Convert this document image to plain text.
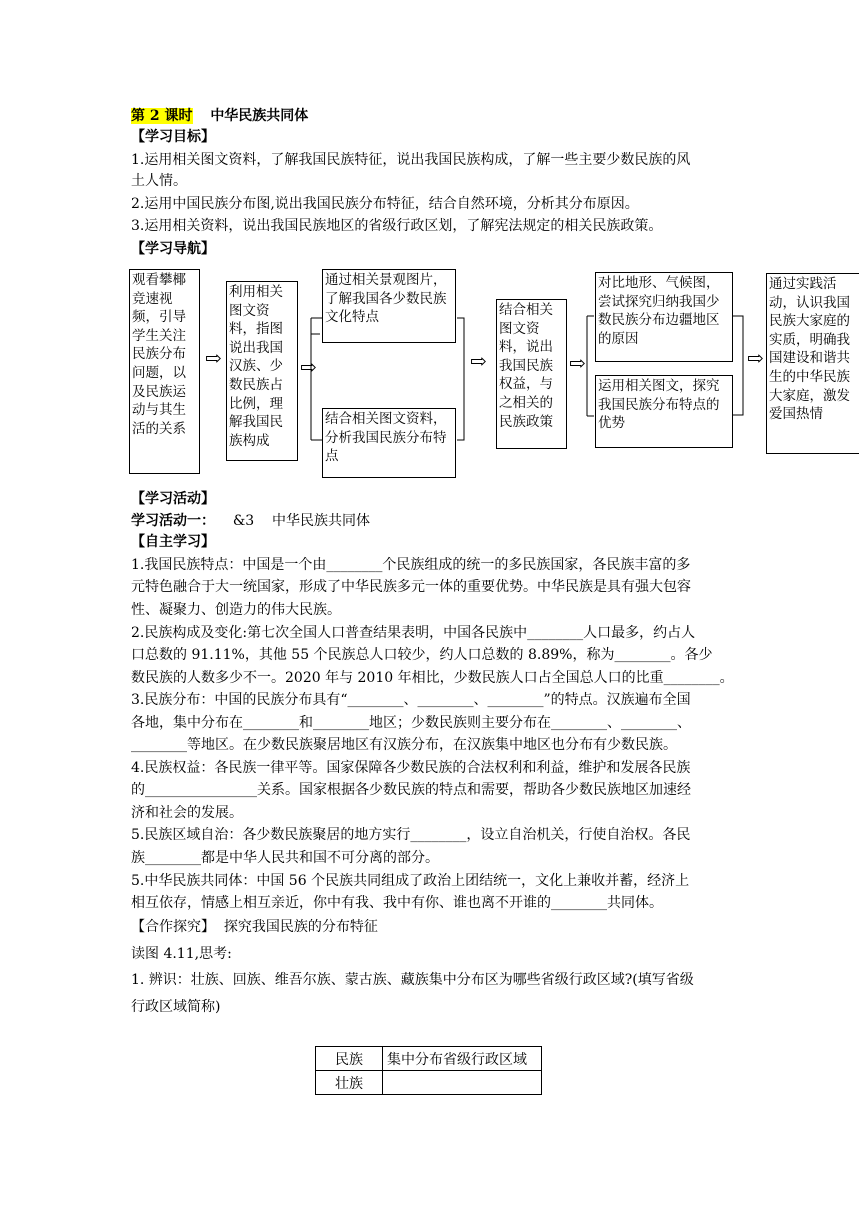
第 2 课时 中华民族共同体
【学习目标】
1.运用相关图文资料，了解我国民族特征，说出我国民族构成，了解一些主要少数民族的风
土人情。
2.运用中国民族分布图,说出我国民族分布特征，结合自然环境，分析其分布原因。
3.运用相关资料，说出我国民族地区的省级行政区划，了解宪法规定的相关民族政策。
【学习导航】
观看攀椰竞速视频，引导学生关注民族分布问题，以及民族运动与其生活的关系
⇨
利用相关图文资料，指图说出我国汉族、少数民族占比例，理解我国民族构成
⇨
通过相关景观图片，了解我国各少数民族文化特点
结合相关图文资料，分析我国民族分布特点
⇨
结合相关图文资料，说出我国民族权益，与之相关的民族政策
⇨
对比地形、气候图，尝试探究归纳我国少数民族分布边疆地区的原因
运用相关图文，探究我国民族分布特点的优势
⇨
通过实践活动，认识我国民族大家庭的实质，明确我国建设和谐共生的中华民族大家庭，激发爱国热情
【学习活动】
学习活动一： &3 中华民族共同体
【自主学习】
1.我国民族特点：中国是一个由________个民族组成的统一的多民族国家，各民族丰富的多
元特色融合于大一统国家，形成了中华民族多元一体的重要优势。中华民族是具有强大包容
性、凝聚力、创造力的伟大民族。
2.民族构成及变化:第七次全国人口普查结果表明，中国各民族中________人口最多，约占人
口总数的 91.11%，其他 55 个民族总人口较少，约人口总数的 8.89%，称为________。各少
数民族的人数多少不一。2020 年与 2010 年相比，少数民族人口占全国总人口的比重________。
3.民族分布：中国的民族分布具有“________、________、________”的特点。汉族遍布全国
各地，集中分布在________和________地区；少数民族则主要分布在________、________、
________等地区。在少数民族聚居地区有汉族分布，在汉族集中地区也分布有少数民族。
4.民族权益：各民族一律平等。国家保障各少数民族的合法权利和利益，维护和发展各民族
的________________关系。国家根据各少数民族的特点和需要，帮助各少数民族地区加速经
济和社会的发展。
5.民族区域自治：各少数民族聚居的地方实行________，设立自治机关，行使自治权。各民
族________都是中华人民共和国不可分离的部分。
5.中华民族共同体：中国 56 个民族共同组成了政治上团结统一，文化上兼收并蓄，经济上
相互依存，情感上相互亲近，你中有我、我中有你、谁也离不开谁的________共同体。
【合作探究】 探究我国民族的分布特征
读图 4.11,思考:
1. 辨识：壮族、回族、维吾尔族、蒙古族、藏族集中分布区为哪些省级行政区域?(填写省级
行政区域简称)
民族	集中分布省级行政区域
壮族	
